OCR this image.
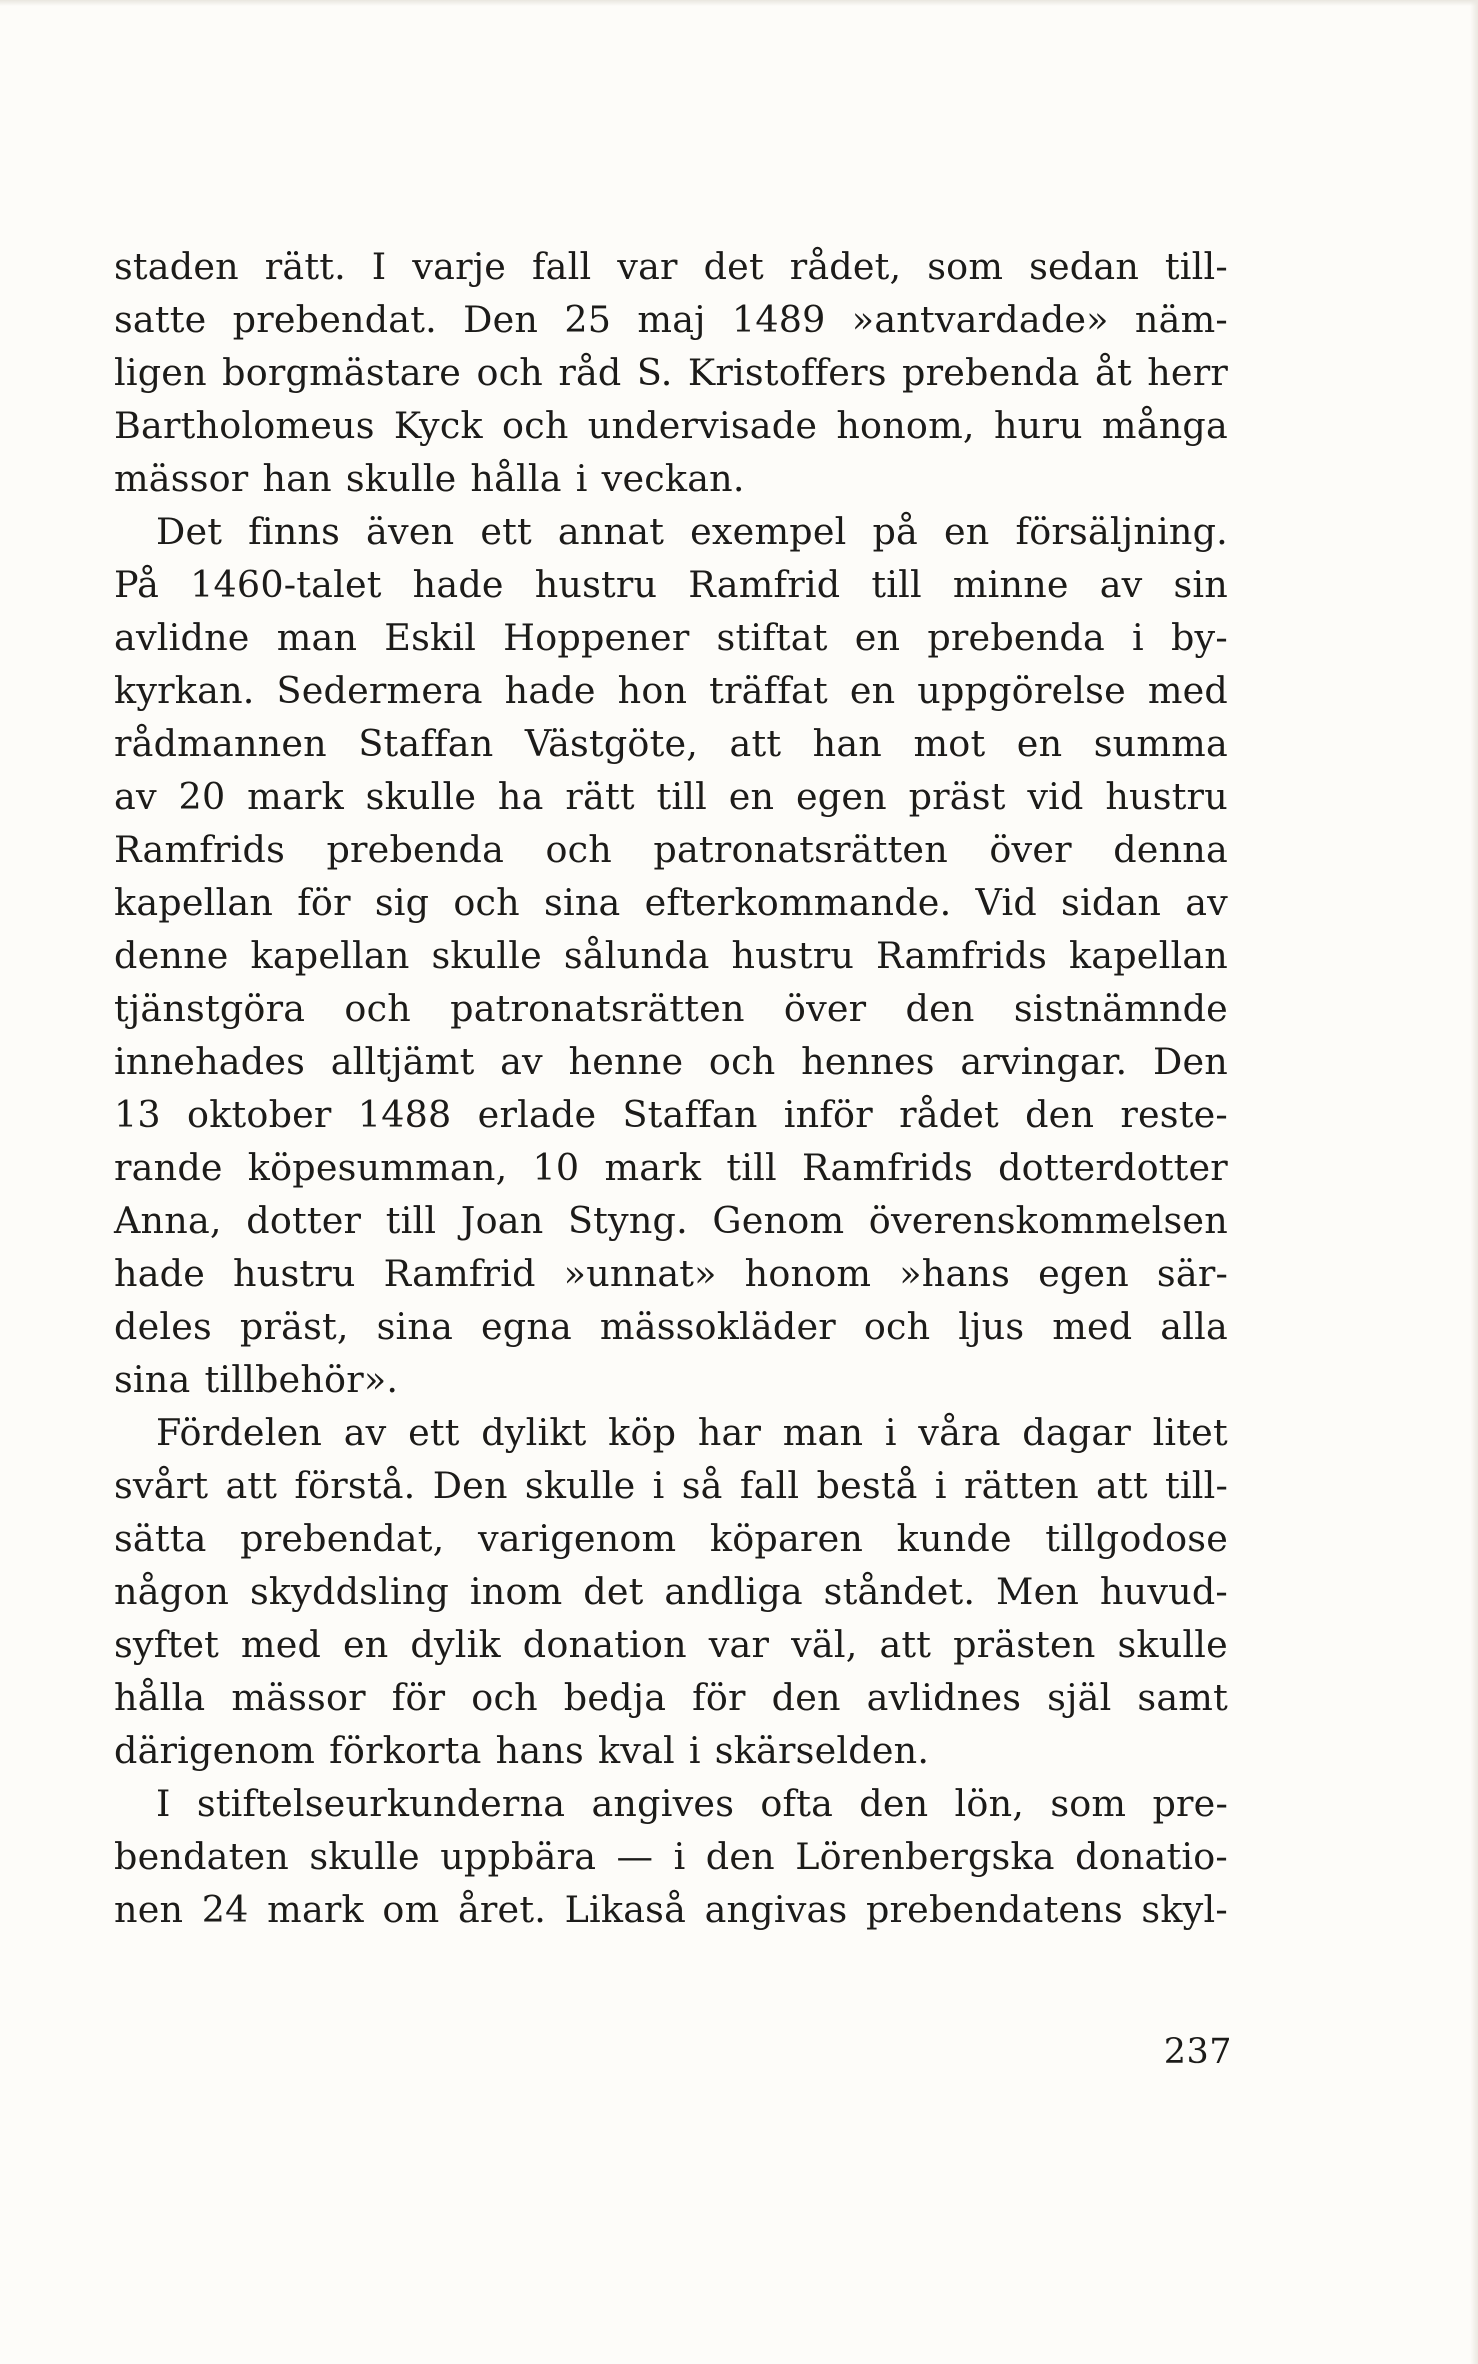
staden rätt. I varje fall var det rådet, som sedan till-
satte prebendat. Den 25 maj 1489 »antvardade» näm-
ligen borgmästare och råd S. Kristoffers prebenda åt herr
Bartholomeus Kyck och undervisade honom, huru många
mässor han skulle hålla i veckan.
Det finns även ett annat exempel på en försäljning.
På 1460-talet hade hustru Ramfrid till minne av sin
avlidne man Eskil Hoppener stiftat en prebenda i by-
kyrkan. Sedermera hade hon träffat en uppgörelse med
rådmannen Staffan Västgöte, att han mot en summa
av 20 mark skulle ha rätt till en egen präst vid hustru
Ramfrids prebenda och patronatsrätten över denna
kapellan för sig och sina efterkommande. Vid sidan av
denne kapellan skulle sålunda hustru Ramfrids kapellan
tjänstgöra och patronatsrätten över den sistnämnde
innehades alltjämt av henne och hennes arvingar. Den
13 oktober 1488 erlade Staffan inför rådet den reste-
rande köpesumman, 10 mark till Ramfrids dotterdotter
Anna, dotter till Joan Styng. Genom överenskommelsen
hade hustru Ramfrid »unnat» honom »hans egen sär-
deles präst, sina egna mässokläder och ljus med alla
sina tillbehör».
Fördelen av ett dylikt köp har man i våra dagar litet
svårt att förstå. Den skulle i så fall bestå i rätten att till-
sätta prebendat, varigenom köparen kunde tillgodose
någon skyddsling inom det andliga ståndet. Men huvud-
syftet med en dylik donation var väl, att prästen skulle
hålla mässor för och bedja för den avlidnes själ samt
därigenom förkorta hans kval i skärselden.
I stiftelseurkunderna angives ofta den lön, som pre-
bendaten skulle uppbära — i den Lörenbergska donatio-
nen 24 mark om året. Likaså angivas prebendatens skyl-
237
